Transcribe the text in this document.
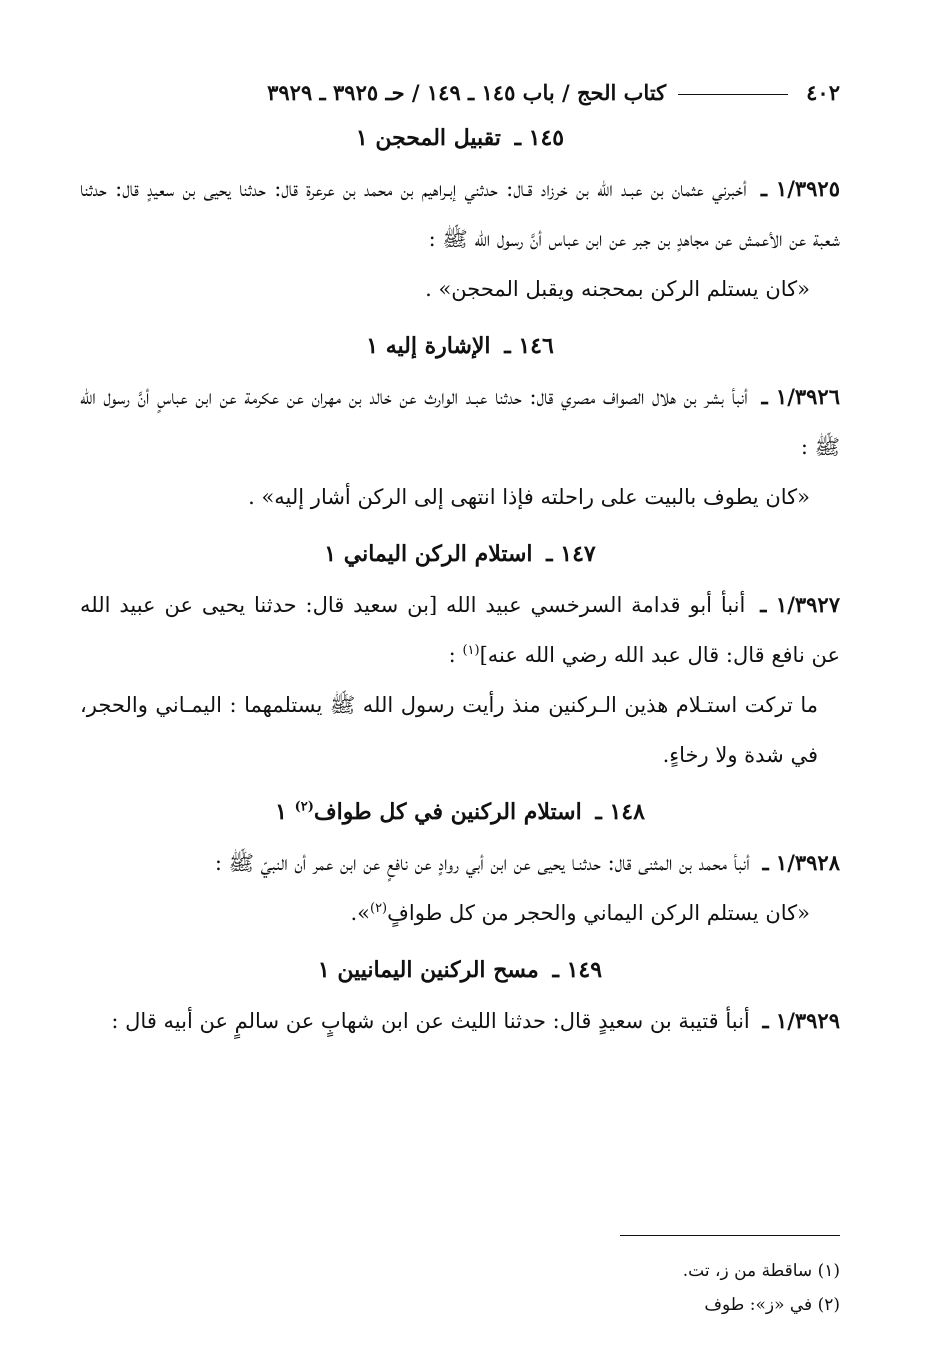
٤٠٢
كتاب الحج / باب ١٤٥ ـ ١٤٩ / حـ ٣٩٢٥ ـ ٣٩٢٩
١٤٥ ـ تقبيل المحجن ١

١/٣٩٢٥ ـ أخبرني عثمان بن عبـد الله بن خرزاد قـال: حدثني إبـراهيم بن محمد بن عرعرة قال: حدثنا يحيى بن سعيدٍ قال: حدثنا شعبة عن الأعمش عن مجاهدٍ بن جبر عن ابن عباس أنَّ رسول الله ﷺ :

«كان يستلم الركن بمحجنه ويقبل المحجن» .

١٤٦ ـ الإشارة إليه ١

١/٣٩٢٦ ـ أنبأ بشر بن هلال الصواف مصري قال: حدثنا عبـد الوارث عن خالد بن مهران عن عكرمة عن ابن عباسٍ أنَّ رسول الله ﷺ :

«كان يطوف بالبيت على راحلته فإذا انتهى إلى الركن أشار إليه» .

١٤٧ ـ استلام الركن اليماني ١

١/٣٩٢٧ ـ أنبأ أبو قدامة السرخسي عبيد الله [بن سعيد قال: حدثنا يحيى عن عبيد الله عن نافع قال: قال عبد الله رضي الله عنه]$^{(١)}$ :

ما تركت استـلام هذين الـركنين منذ رأيت رسول الله ﷺ يستلمهما : اليمـاني والحجر، في شدة ولا رخاءٍ.

١٤٨ ـ استلام الركنين في كل طواف$^{(٢)}$ ١

١/٣٩٢٨ ـ أنبأ محمد بن المثنى قال: حدثنـا يحيى عن ابن أبي روادٍ عن نافعٍ عن ابن عمر أن النبيّ ﷺ :

«كان يستلم الركن اليماني والحجر من كل طوافٍ$^{(٢)}$».

١٤٩ ـ مسح الركنين اليمانيين ١

١/٣٩٢٩ ـ أنبأ قتيبة بن سعيدٍ قال: حدثنا الليث عن ابن شهابٍ عن سالمٍ عن أبيه قال :

(١) ساقطة من ز، تت.
(٢) في «ز»: طوف
